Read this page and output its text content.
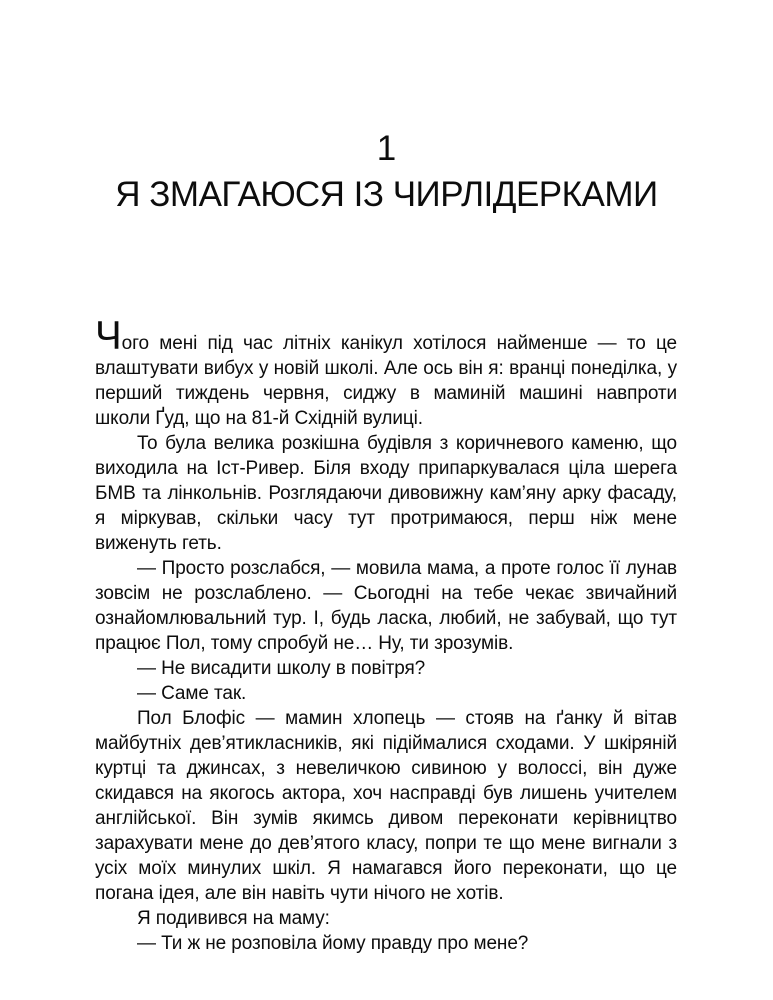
1
Я ЗМАГАЮСЯ ІЗ ЧИРЛІДЕРКАМИ

Чого мені під час літніх канікул хотілося найменше — то це влаштувати вибух у новій школі. Але ось він я: вранці понеділка, у перший тиждень червня, сиджу в маминій машині навпроти школи Ґуд, що на 81-й Східній вулиці.

То була велика розкішна будівля з коричневого каменю, що виходила на Іст-Ривер. Біля входу припаркувалася ціла шерега БМВ та лінкольнів. Розглядаючи дивовижну кам’яну арку фасаду, я міркував, скільки часу тут протримаюся, перш ніж мене виженуть геть.

— Просто розслабся, — мовила мама, а проте голос її лунав зовсім не розслаблено. — Сьогодні на тебе чекає звичайний ознайомлювальний тур. І, будь ласка, любий, не забувай, що тут працює Пол, тому спробуй не… Ну, ти зрозумів.

— Не висадити школу в повітря?

— Саме так.

Пол Блофіс — мамин хлопець — стояв на ґанку й вітав майбутніх дев’ятикласників, які підіймалися сходами. У шкіряній куртці та джинсах, з невеличкою сивиною у волоссі, він дуже скидався на якогось актора, хоч насправді був лишень учителем англійської. Він зумів якимсь дивом переконати керівництво зарахувати мене до дев’ятого класу, попри те що мене вигнали з усіх моїх минулих шкіл. Я намагався його переконати, що це погана ідея, але він навіть чути нічого не хотів.

Я подивився на маму:

— Ти ж не розповіла йому правду про мене?
